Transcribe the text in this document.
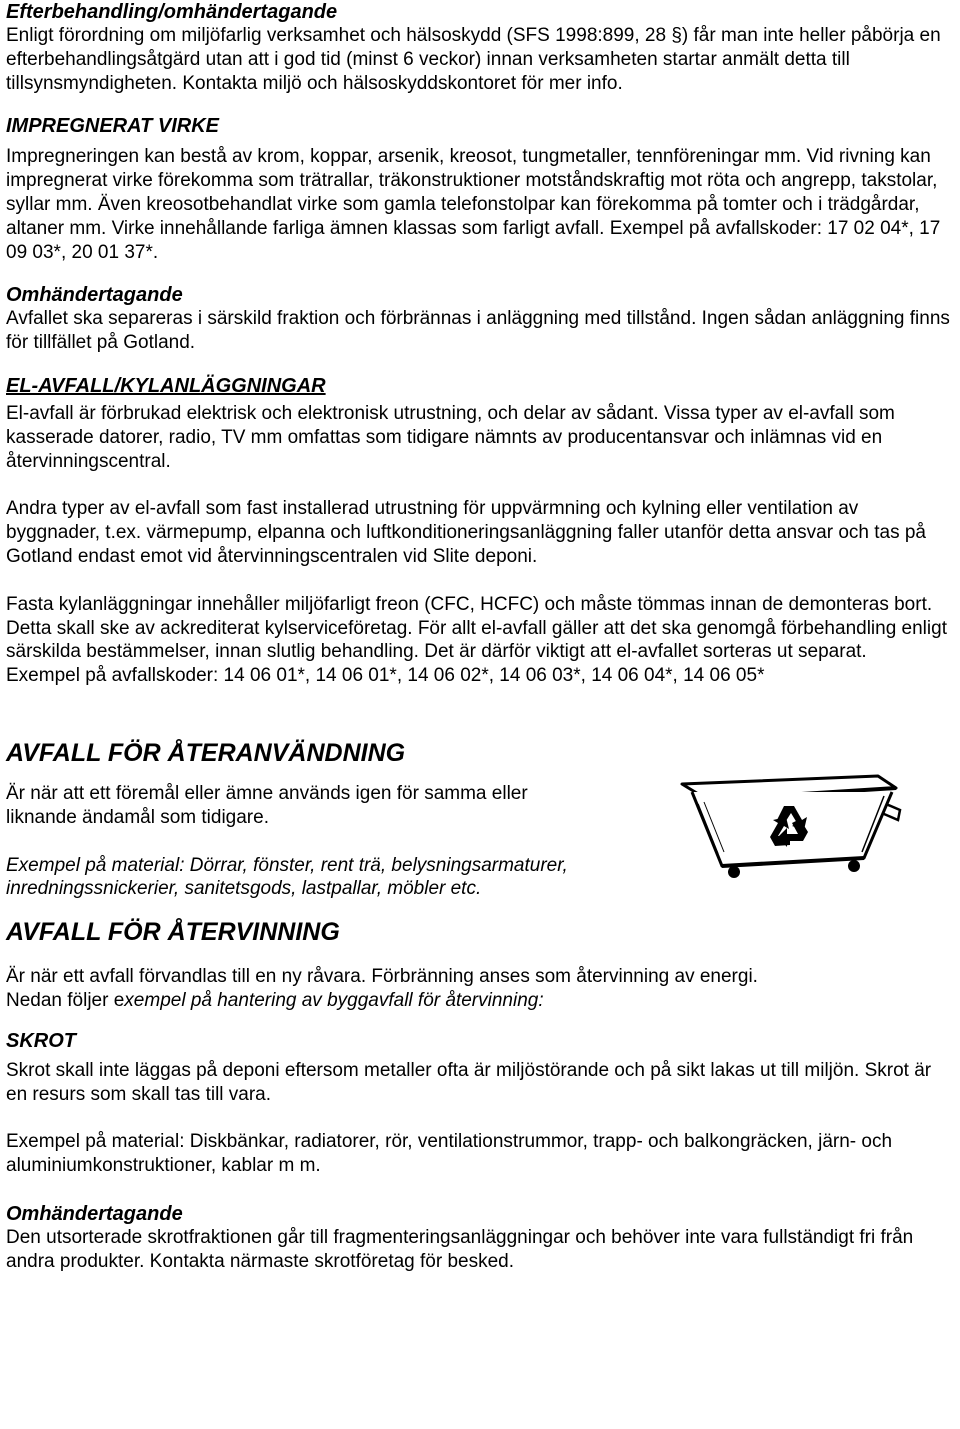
Efterbehandling/omhändertagande

Enligt förordning om miljöfarlig verksamhet och hälsoskydd (SFS 1998:899, 28 §) får man inte heller påbörja en efterbehandlingsåtgärd utan att i god tid (minst 6 veckor) innan verksamheten startar anmält detta till tillsynsmyndigheten. Kontakta miljö och hälsoskyddskontoret för mer info.

IMPREGNERAT VIRKE

Impregneringen kan bestå av krom, koppar, arsenik, kreosot, tungmetaller, tennföreningar mm. Vid rivning kan impregnerat virke förekomma som trätrallar, träkonstruktioner motståndskraftig mot röta och angrepp, takstolar, syllar mm. Även kreosotbehandlat virke som gamla telefonstolpar kan förekomma på tomter och i trädgårdar, altaner mm. Virke innehållande farliga ämnen klassas som farligt avfall. Exempel på avfallskoder: 17 02 04*, 17 09 03*, 20 01 37*.

Omhändertagande

Avfallet ska separeras i särskild fraktion och förbrännas i anläggning med tillstånd. Ingen sådan anläggning finns för tillfället på Gotland.

EL-AVFALL/KYLANLÄGGNINGAR

El-avfall är förbrukad elektrisk och elektronisk utrustning, och delar av sådant. Vissa typer av el-avfall som kasserade datorer, radio, TV mm omfattas som tidigare nämnts av producentansvar och inlämnas vid en återvinningscentral.

Andra typer av el-avfall som fast installerad utrustning för uppvärmning och kylning eller ventilation av byggnader, t.ex. värmepump, elpanna och luftkonditioneringsanläggning faller utanför detta ansvar och tas på Gotland endast emot vid återvinningscentralen vid Slite deponi.

Fasta kylanläggningar innehåller miljöfarligt freon (CFC, HCFC) och måste tömmas innan de demonteras bort. Detta skall ske av ackrediterat kylserviceföretag. För allt el-avfall gäller att det ska genomgå förbehandling enligt särskilda bestämmelser, innan slutlig behandling. Det är därför viktigt att el-avfallet sorteras ut separat.

Exempel på avfallskoder: 14 06 01*, 14 06 01*, 14 06 02*, 14 06 03*, 14 06 04*, 14 06 05*

AVFALL FÖR ÅTERANVÄNDNING

Är när att ett föremål eller ämne används igen för samma eller

liknande ändamål som tidigare.

Exempel på material: Dörrar, fönster, rent trä, belysningsarmaturer,

inredningssnickerier, sanitetsgods, lastpallar, möbler etc.

AVFALL FÖR ÅTERVINNING

Är när ett avfall förvandlas till en ny råvara. Förbränning anses som återvinning av energi.

Nedan följer exempel på hantering av byggavfall för återvinning:

SKROT

Skrot skall inte läggas på deponi eftersom metaller ofta är miljöstörande och på sikt lakas ut till miljön. Skrot är en resurs som skall tas till vara.

Exempel på material: Diskbänkar, radiatorer, rör, ventilationstrummor, trapp- och balkongräcken, järn- och aluminiumkonstruktioner, kablar m m.

Omhändertagande

Den utsorterade skrotfraktionen går till fragmenteringsanläggningar och behöver inte vara fullständigt fri från andra produkter. Kontakta närmaste skrotföretag för besked.
